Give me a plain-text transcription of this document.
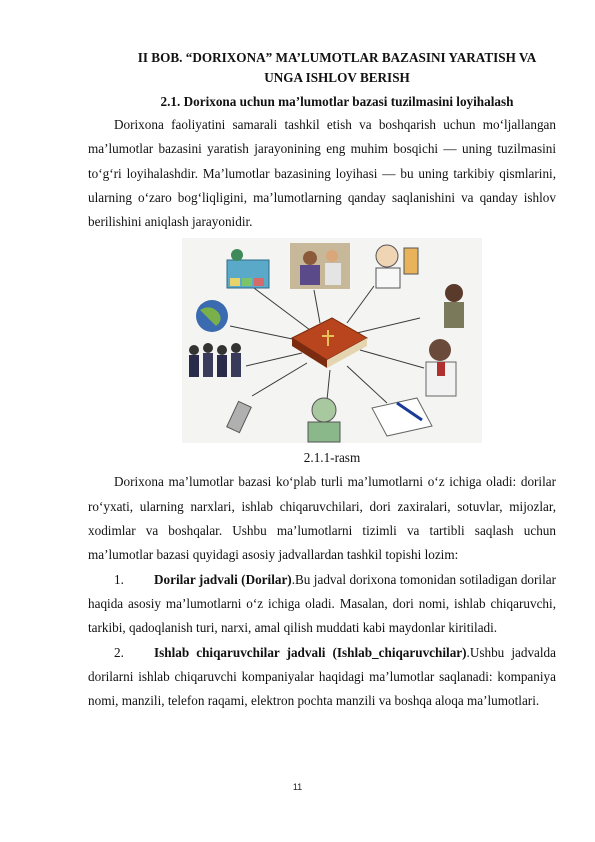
II BOB. “DORIXONA” MA’LUMOTLAR BAZASINI YARATISH VA UNGA ISHLOV BERISH
2.1. Dorixona uchun ma’lumotlar bazasi tuzilmasini loyihalash

Dorixona faoliyatini samarali tashkil etish va boshqarish uchun mo‘ljallangan ma’lumotlar bazasini yaratish jarayonining eng muhim bosqichi — uning tuzilmasini to‘g‘ri loyihalashdir. Ma’lumotlar bazasining loyihasi — bu uning tarkibiy qismlarini, ularning o‘zaro bog‘liqligini, ma’lumotlarning qanday saqlanishini va qanday ishlov berilishini aniqlash jarayonidir.

2.1.1-rasm

Dorixona ma’lumotlar bazasi ko‘plab turli ma’lumotlarni o‘z ichiga oladi: dorilar ro‘yxati, ularning narxlari, ishlab chiqaruvchilari, dori zaxiralari, sotuvlar, mijozlar, xodimlar va boshqalar. Ushbu ma’lumotlarni tizimli va tartibli saqlash uchun ma’lumotlar bazasi quyidagi asosiy jadvallardan tashkil topishi lozim:

1. Dorilar jadvali (Dorilar).Bu jadval dorixona tomonidan sotiladigan dorilar haqida asosiy ma’lumotlarni o‘z ichiga oladi. Masalan, dori nomi, ishlab chiqaruvchi, tarkibi, qadoqlanish turi, narxi, amal qilish muddati kabi maydonlar kiritiladi.

2. Ishlab chiqaruvchilar jadvali (Ishlab_chiqaruvchilar).Ushbu jadvalda dorilarni ishlab chiqaruvchi kompaniyalar haqidagi ma’lumotlar saqlanadi: kompaniya nomi, manzili, telefon raqami, elektron pochta manzili va boshqa aloqa ma’lumotlari.

11
